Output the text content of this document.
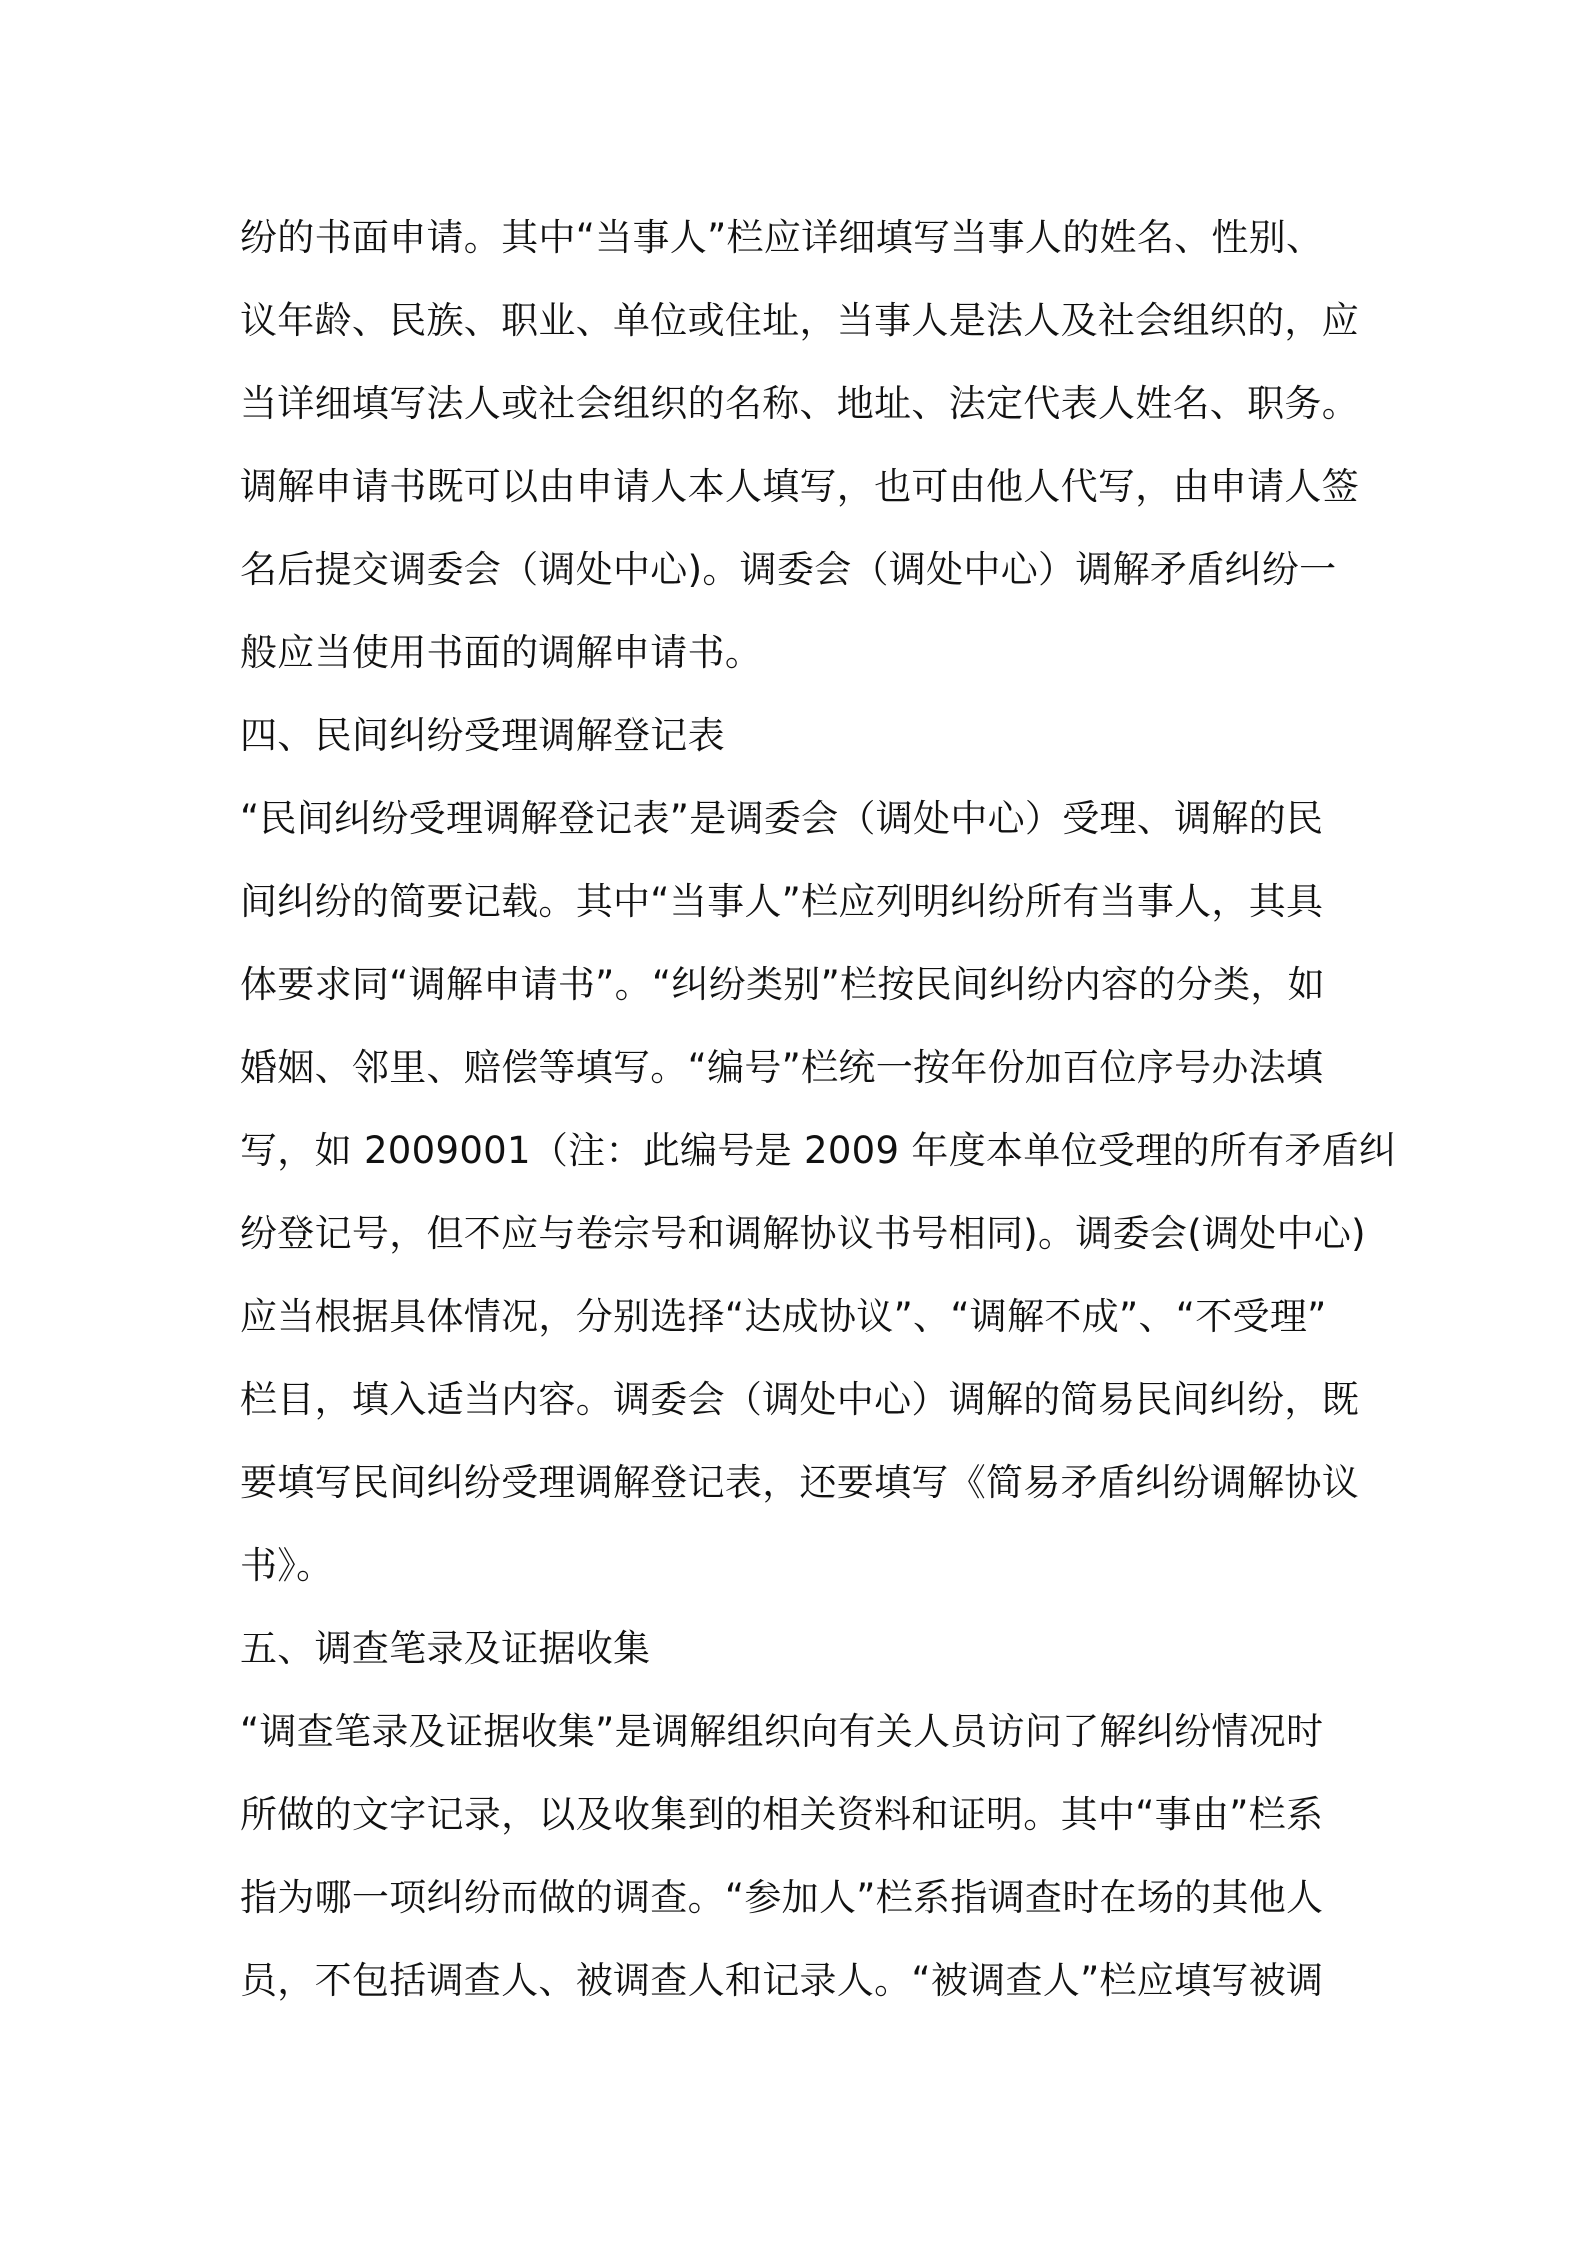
纷的书面申请。其中“当事人”栏应详细填写当事人的姓名、性别、
议年龄、民族、职业、单位或住址，当事人是法人及社会组织的，应
当详细填写法人或社会组织的名称、地址、法定代表人姓名、职务。
调解申请书既可以由申请人本人填写，也可由他人代写，由申请人签
名后提交调委会（调处中心)。调委会（调处中心）调解矛盾纠纷一
般应当使用书面的调解申请书。
四、民间纠纷受理调解登记表
“民间纠纷受理调解登记表”是调委会（调处中心）受理、调解的民
间纠纷的简要记载。其中“当事人”栏应列明纠纷所有当事人，其具
体要求同“调解申请书”。“纠纷类别”栏按民间纠纷内容的分类，如
婚姻、邻里、赔偿等填写。“编号”栏统一按年份加百位序号办法填
写，如 2009001（注：此编号是 2009 年度本单位受理的所有矛盾纠
纷登记号，但不应与卷宗号和调解协议书号相同)。调委会(调处中心)
应当根据具体情况，分别选择“达成协议”、“调解不成”、“不受理”
栏目，填入适当内容。调委会（调处中心）调解的简易民间纠纷，既
要填写民间纠纷受理调解登记表，还要填写《简易矛盾纠纷调解协议
书》。
五、调查笔录及证据收集
“调查笔录及证据收集”是调解组织向有关人员访问了解纠纷情况时
所做的文字记录，以及收集到的相关资料和证明。其中“事由”栏系
指为哪一项纠纷而做的调查。“参加人”栏系指调查时在场的其他人
员，不包括调查人、被调查人和记录人。“被调查人”栏应填写被调
